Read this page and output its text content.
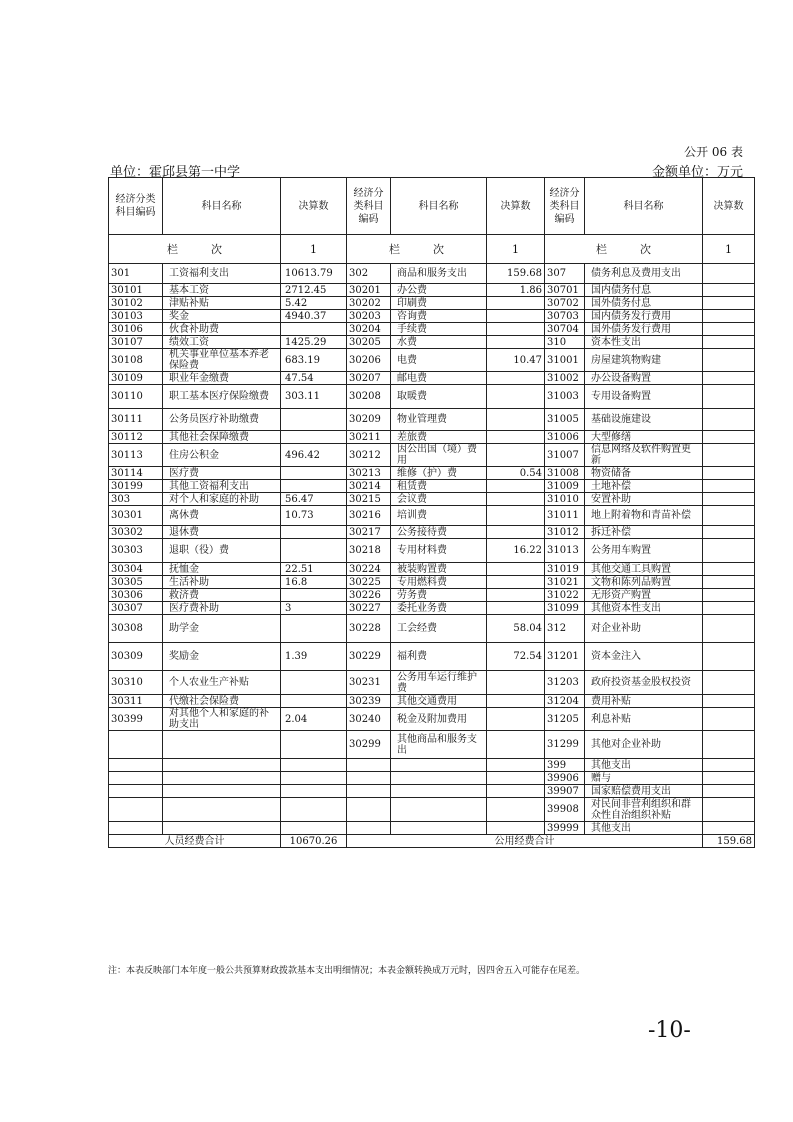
公开 06 表
单位：霍邱县第一中学	金额单位：万元
经济分类科目编码	科目名称	决算数	经济分类科目编码	科目名称	决算数	经济分类科目编码	科目名称	决算数
栏　　　次		1	栏　　　次		1	栏　　　次		1
301	工资福利支出	10613.79	302	商品和服务支出	159.68	307	债务利息及费用支出	
30101	基本工资	2712.45	30201	办公费	1.86	30701	国内债务付息	
30102	津贴补贴	5.42	30202	印刷费		30702	国外债务付息	
30103	奖金	4940.37	30203	咨询费		30703	国内债务发行费用	
30106	伙食补助费		30204	手续费		30704	国外债务发行费用	
30107	绩效工资	1425.29	30205	水费		310	资本性支出	
30108	机关事业单位基本养老保险费	683.19	30206	电费	10.47	31001	房屋建筑物购建	
30109	职业年金缴费	47.54	30207	邮电费		31002	办公设备购置	
30110	职工基本医疗保险缴费	303.11	30208	取暖费		31003	专用设备购置	
30111	公务员医疗补助缴费		30209	物业管理费		31005	基础设施建设	
30112	其他社会保障缴费		30211	差旅费		31006	大型修缮	
30113	住房公积金	496.42	30212	因公出国（境）费用		31007	信息网络及软件购置更新	
30114	医疗费		30213	维修（护）费	0.54	31008	物资储备	
30199	其他工资福利支出		30214	租赁费		31009	土地补偿	
303	对个人和家庭的补助	56.47	30215	会议费		31010	安置补助	
30301	离休费	10.73	30216	培训费		31011	地上附着物和青苗补偿	
30302	退休费		30217	公务接待费		31012	拆迁补偿	
30303	退职（役）费		30218	专用材料费	16.22	31013	公务用车购置	
30304	抚恤金	22.51	30224	被装购置费		31019	其他交通工具购置	
30305	生活补助	16.8	30225	专用燃料费		31021	文物和陈列品购置	
30306	救济费		30226	劳务费		31022	无形资产购置	
30307	医疗费补助	3	30227	委托业务费		31099	其他资本性支出	
30308	助学金		30228	工会经费	58.04	312	对企业补助	
30309	奖励金	1.39	30229	福利费	72.54	31201	资本金注入	
30310	个人农业生产补贴		30231	公务用车运行维护费		31203	政府投资基金股权投资	
30311	代缴社会保险费		30239	其他交通费用		31204	费用补贴	
30399	对其他个人和家庭的补助支出	2.04	30240	税金及附加费用		31205	利息补贴	
			30299	其他商品和服务支出		31299	其他对企业补助	
						399	其他支出	
						39906	赠与	
						39907	国家赔偿费用支出	
						39908	对民间非营利组织和群众性自治组织补贴	
						39999	其他支出	
人员经费合计		10670.26	公用经费合计					159.68
注：本表反映部门本年度一般公共预算财政拨款基本支出明细情况；本表金额转换成万元时，因四舍五入可能存在尾差。
-10-
